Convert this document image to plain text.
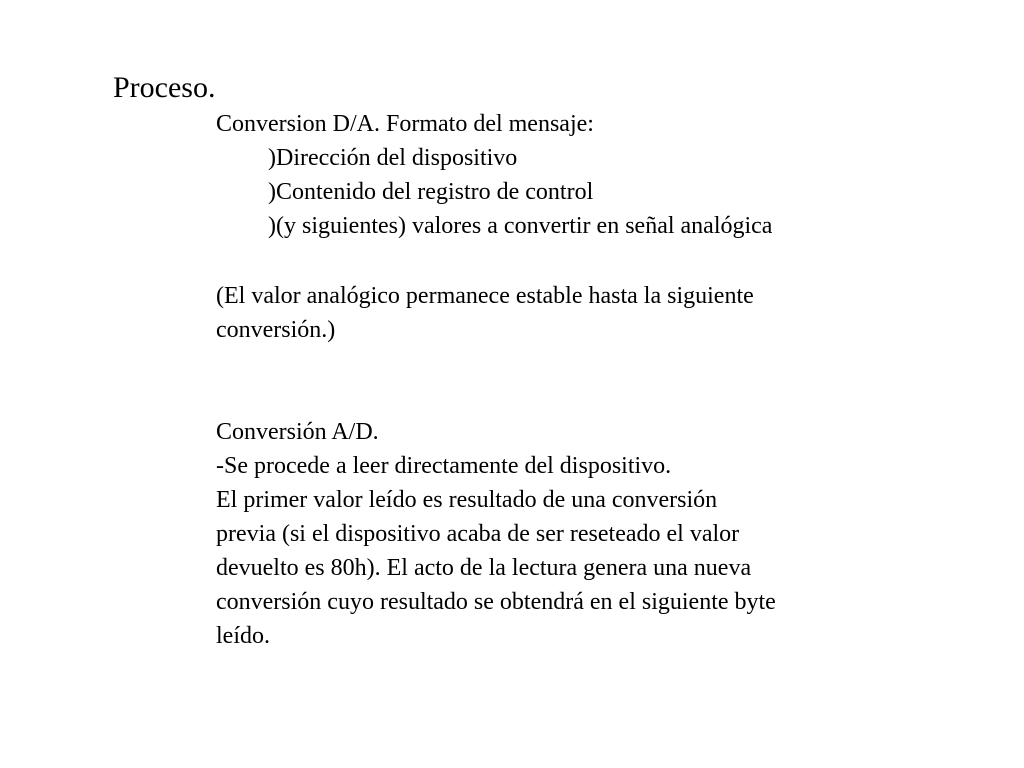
Proceso.
Conversion D/A. Formato del mensaje:
)Dirección del dispositivo
)Contenido del registro de control
)(y siguientes) valores a convertir en señal analógica
(El valor analógico permanece estable hasta la siguiente
conversión.)
Conversión A/D.
-Se procede a leer directamente del dispositivo.
El primer valor leído es resultado de una conversión
previa (si el dispositivo acaba de ser reseteado el valor
devuelto es 80h). El acto de la lectura genera una nueva
conversión cuyo resultado se obtendrá en el siguiente byte
leído.
